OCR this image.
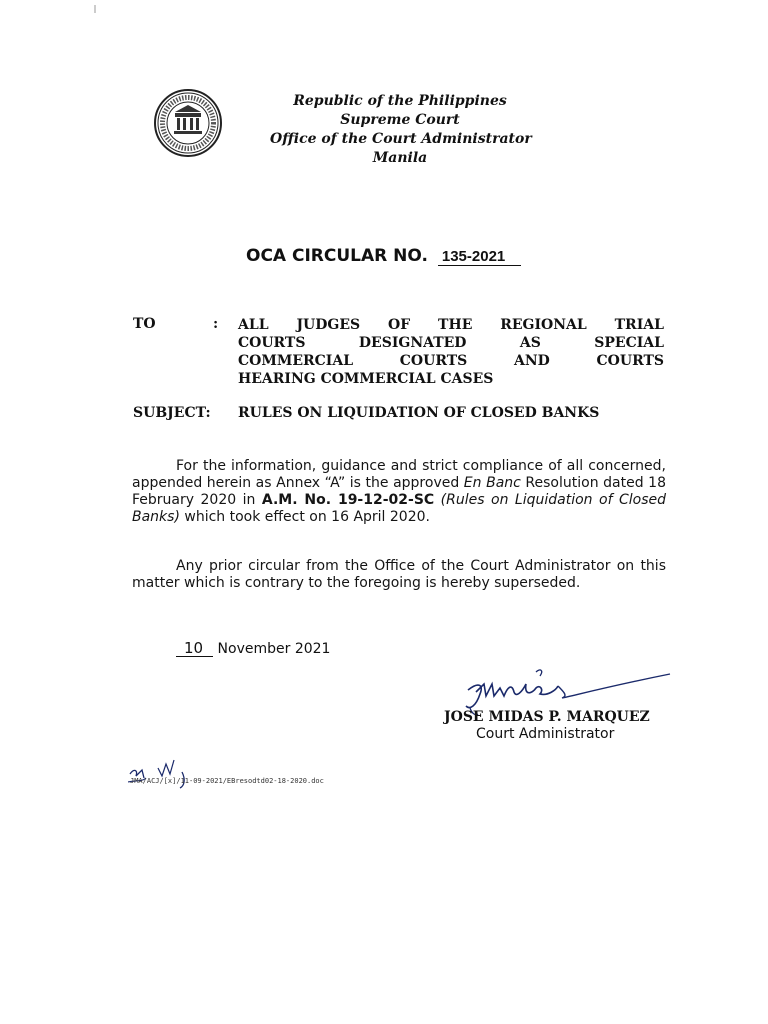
Republic of the Philippines
Supreme Court
Office of the Court Administrator
Manila
OCA CIRCULAR NO. 135-2021
TO	: ALL JUDGES OF THE REGIONAL TRIAL
COURTS	DESIGNATED	AS	SPECIAL
COMMERCIAL	COURTS	AND	COURTS
HEARING COMMERCIAL CASES
SUBJECT: RULES ON LIQUIDATION OF CLOSED BANKS
For the information, guidance and strict compliance of all concerned, appended herein as Annex “A” is the approved En Banc Resolution dated 18 February 2020 in A.M. No. 19-12-02-SC (Rules on Liquidation of Closed Banks) which took effect on 16 April 2020.
Any prior circular from the Office of the Court Administrator on this matter which is contrary to the foregoing is hereby superseded.
10 November 2021
JOSE MIDAS P. MARQUEZ
Court Administrator
JMA/ACJ/[x]/11-09-2021/EBresodtd02-18-2020.doc
